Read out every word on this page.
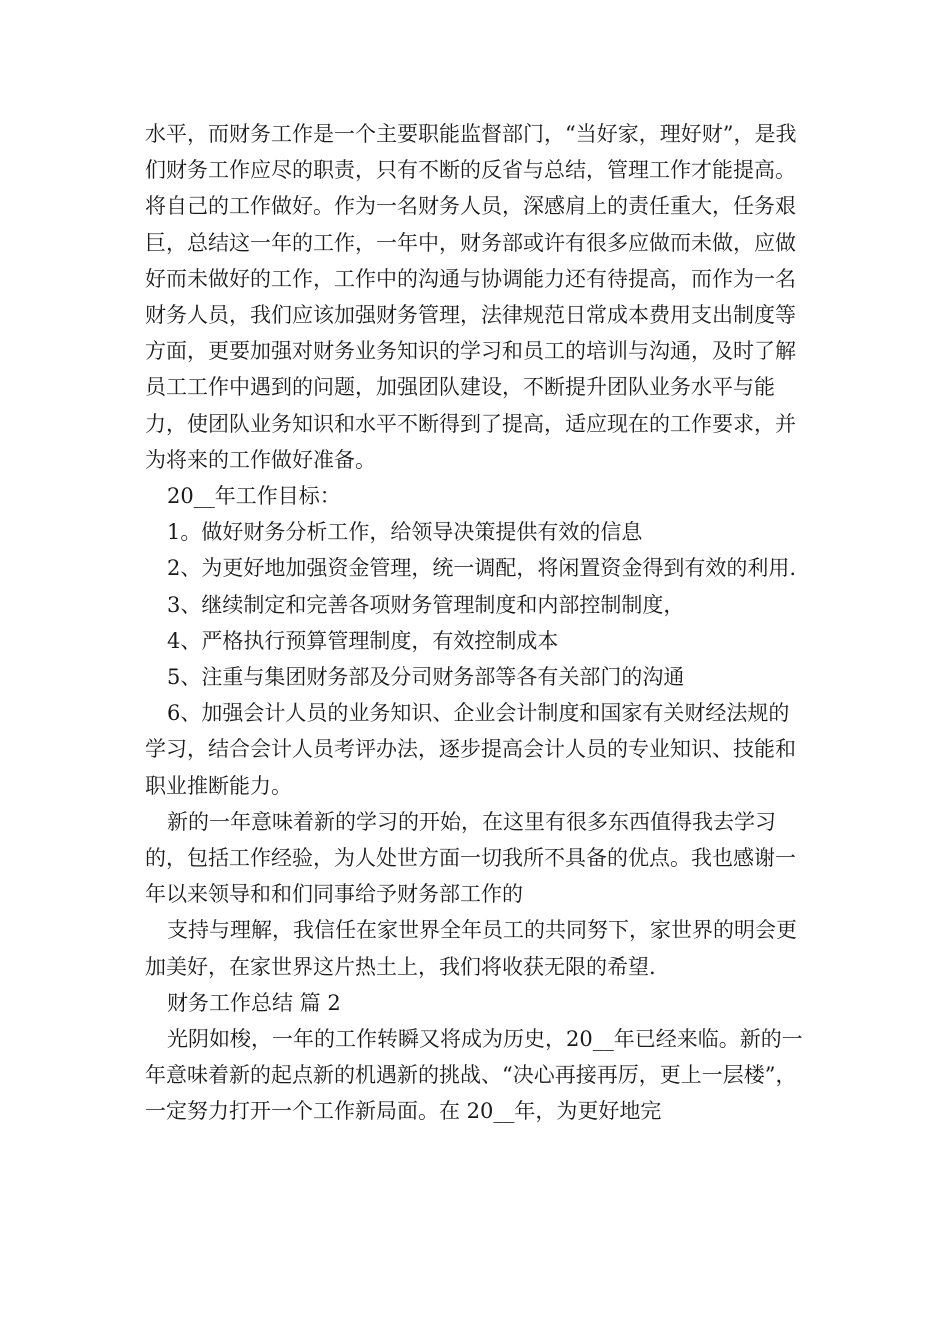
水平，而财务工作是一个主要职能监督部门，“当好家，理好财”，是我们财务工作应尽的职责，只有不断的反省与总结，管理工作才能提高。将自己的工作做好。作为一名财务人员，深感肩上的责任重大，任务艰巨，总结这一年的工作，一年中，财务部或许有很多应做而未做，应做好而未做好的工作，工作中的沟通与协调能力还有待提高，而作为一名财务人员，我们应该加强财务管理，法律规范日常成本费用支出制度等方面，更要加强对财务业务知识的学习和员工的培训与沟通，及时了解员工工作中遇到的问题，加强团队建设，不断提升团队业务水平与能力，使团队业务知识和水平不断得到了提高，适应现在的工作要求，并为将来的工作做好准备。

20__年工作目标：

1。做好财务分析工作，给领导决策提供有效的信息

2、为更好地加强资金管理，统一调配，将闲置资金得到有效的利用.

3、继续制定和完善各项财务管理制度和内部控制制度，

4、严格执行预算管理制度，有效控制成本

5、注重与集团财务部及分司财务部等各有关部门的沟通

6、加强会计人员的业务知识、企业会计制度和国家有关财经法规的学习，结合会计人员考评办法，逐步提高会计人员的专业知识、技能和职业推断能力。

新的一年意味着新的学习的开始，在这里有很多东西值得我去学习的，包括工作经验，为人处世方面一切我所不具备的优点。我也感谢一年以来领导和和们同事给予财务部工作的

支持与理解，我信任在家世界全年员工的共同努下，家世界的明会更加美好，在家世界这片热土上，我们将收获无限的希望.

财务工作总结 篇 2

光阴如梭，一年的工作转瞬又将成为历史，20__年已经来临。新的一年意味着新的起点新的机遇新的挑战、“决心再接再厉，更上一层楼”，一定努力打开一个工作新局面。在 20__年，为更好地完
